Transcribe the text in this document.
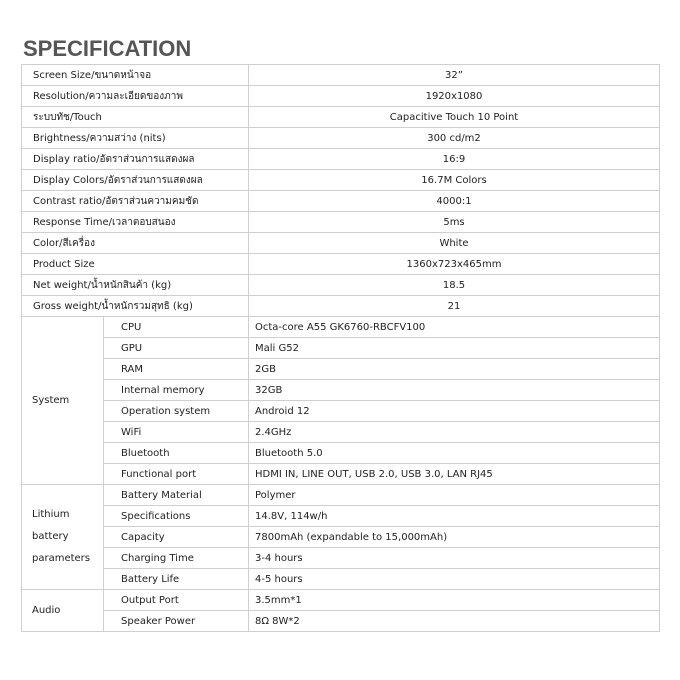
SPECIFICATION
Screen Size/ขนาดหน้าจอ		32”
Resolution/ความละเอียดของภาพ		1920x1080
ระบบทัช/Touch		Capacitive Touch 10 Point
Brightness/ความสว่าง (nits)		300 cd/m2
Display ratio/อัตราส่วนการแสดงผล		16:9
Display Colors/อัตราส่วนการแสดงผล		16.7M Colors
Contrast ratio/อัตราส่วนความคมชัด		4000:1
Response Time/เวลาตอบสนอง		5ms
Color/สีเครื่อง		White
Product Size		1360x723x465mm
Net weight/น้ำหนักสินค้า (kg)		18.5
Gross weight/น้ำหนักรวมสุทธิ (kg)		21

System	CPU	Octa-core A55 GK6760-RBCFV100
	GPU	Mali G52
	RAM	2GB
	Internal memory	32GB
	Operation system	Android 12
	WiFi	2.4GHz
	Bluetooth	Bluetooth 5.0
	Functional port	HDMI IN, LINE OUT, USB 2.0, USB 3.0, LAN RJ45

Lithium
battery
parameters	Battery Material	Polymer
	Specifications	14.8V, 114w/h
	Capacity	7800mAh (expandable to 15,000mAh)
	Charging Time	3-4 hours
	Battery Life	4-5 hours

Audio	Output Port	3.5mm*1
	Speaker Power	8Ω 8W*2
